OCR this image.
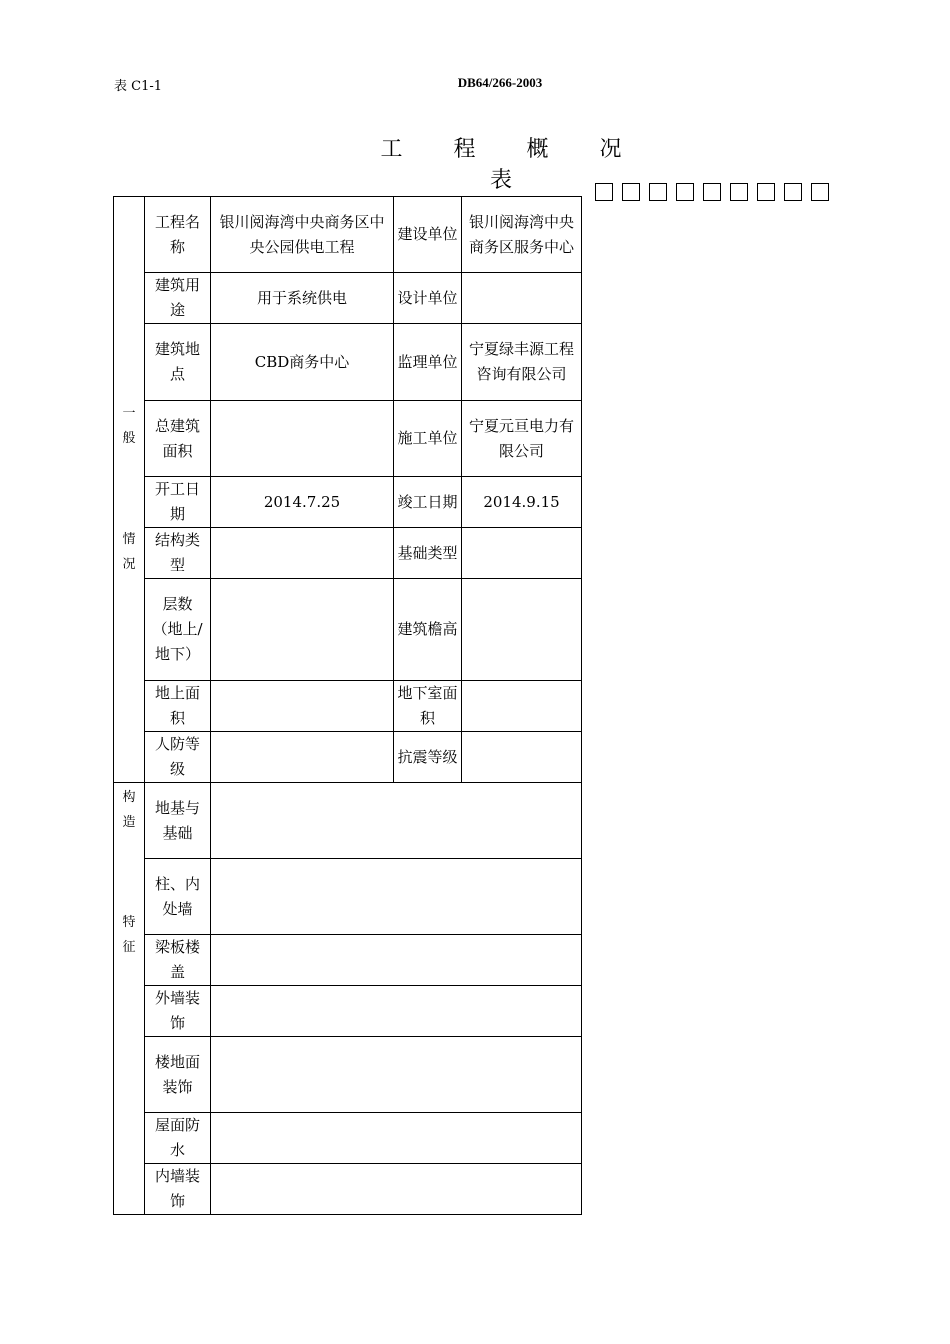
表 C1-1	DB64/266-2003
工 程 概 况 表
一
般
情
况	工程名称	银川阅海湾中央商务区中央公园供电工程	建设单位	银川阅海湾中央商务区服务中心
	建筑用途	用于系统供电	设计单位	
	建筑地点	CBD商务中心	监理单位	宁夏绿丰源工程咨询有限公司
	总建筑面积		施工单位	宁夏元亘电力有限公司
	开工日期	2014.7.25	竣工日期	2014.9.15
	结构类型		基础类型	
	层数（地上/地下）		建筑檐高	
	地上面积		地下室面积	
	人防等级		抗震等级	

构
造
特
征	地基与基础			
	柱、内处墙			
	梁板楼盖			
	外墙装饰			
	楼地面装饰			
	屋面防水			
	内墙装饰			
